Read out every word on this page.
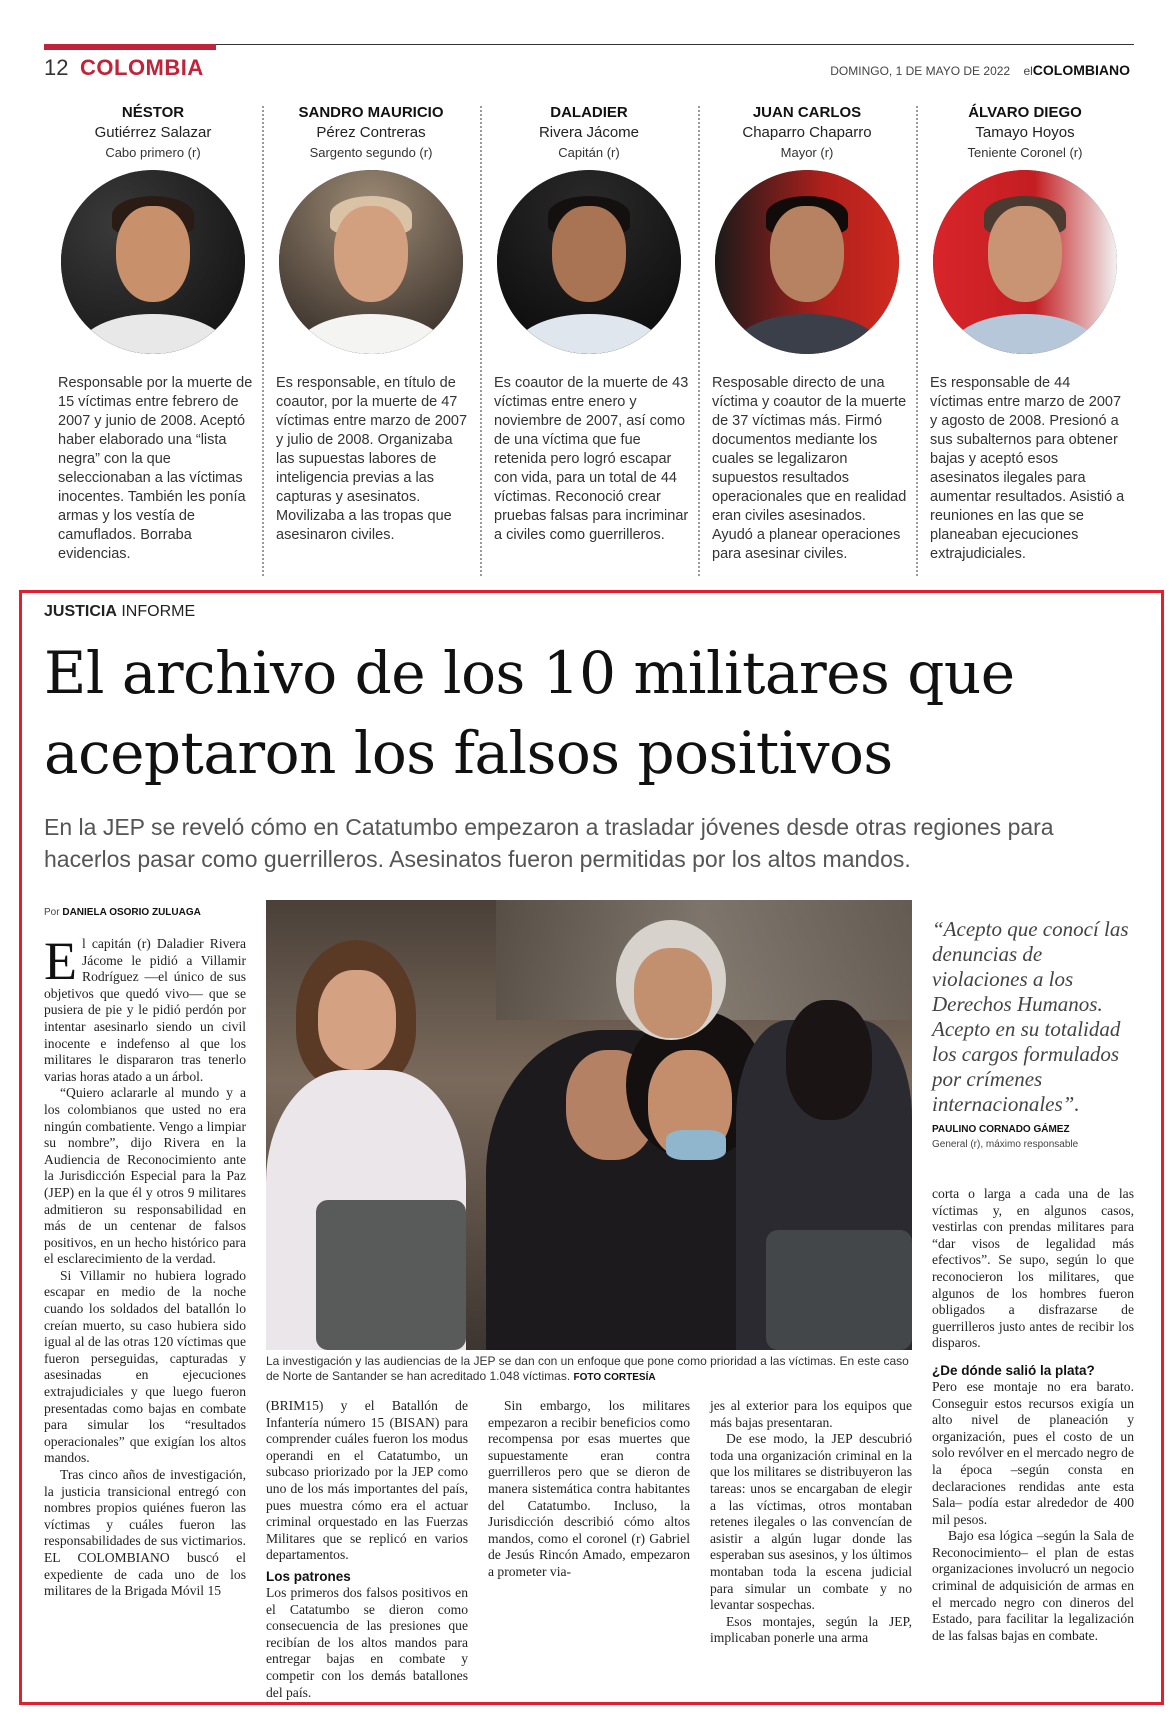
12 COLOMBIA	DOMINGO, 1 DE MAYO DE 2022 elCOLOMBIANO
NÉSTOR
Gutiérrez Salazar
Cabo primero (r)
Responsable por la muerte de 15 víctimas entre febrero de 2007 y junio de 2008. Aceptó haber elaborado una “lista negra” con la que seleccionaban a las víctimas inocentes. También les ponía armas y los vestía de camuflados. Borraba evidencias.
SANDRO MAURICIO
Pérez Contreras
Sargento segundo (r)
Es responsable, en título de coautor, por la muerte de 47 víctimas entre marzo de 2007 y julio de 2008. Organizaba las supuestas labores de inteligencia previas a las capturas y asesinatos. Movilizaba a las tropas que asesinaron civiles.
DALADIER
Rivera Jácome
Capitán (r)
Es coautor de la muerte de 43 víctimas entre enero y noviembre de 2007, así como de una víctima que fue retenida pero logró escapar con vida, para un total de 44 víctimas. Reconoció crear pruebas falsas para incriminar a civiles como guerrilleros.
JUAN CARLOS
Chaparro Chaparro
Mayor (r)
Resposable directo de una víctima y coautor de la muerte de 37 víctimas más. Firmó documentos mediante los cuales se legalizaron supuestos resultados operacionales que en realidad eran civiles asesinados. Ayudó a planear operaciones para asesinar civiles.
ÁLVARO DIEGO
Tamayo Hoyos
Teniente Coronel (r)
Es responsable de 44 víctimas entre marzo de 2007 y agosto de 2008. Presionó a sus subalternos para obtener bajas y aceptó esos asesinatos ilegales para aumentar resultados. Asistió a reuniones en las que se planeaban ejecuciones extrajudiciales.
JUSTICIA INFORME
El archivo de los 10 militares que aceptaron los falsos positivos
En la JEP se reveló cómo en Catatumbo empezaron a trasladar jóvenes desde otras regiones para hacerlos pasar como guerrilleros. Asesinatos fueron permitidas por los altos mandos.
Por DANIELA OSORIO ZULUAGA

El capitán (r) Daladier Rivera Jácome le pidió a Villamir Rodríguez —el único de sus objetivos que quedó vivo— que se pusiera de pie y le pidió perdón por intentar asesinarlo siendo un civil inocente e indefenso al que los militares le dispararon tras tenerlo varias horas atado a un árbol.

“Quiero aclararle al mundo y a los colombianos que usted no era ningún combatiente. Vengo a limpiar su nombre”, dijo Rivera en la Audiencia de Reconocimiento ante la Jurisdicción Especial para la Paz (JEP) en la que él y otros 9 militares admitieron su responsabilidad en más de un centenar de falsos positivos, en un hecho histórico para el esclarecimiento de la verdad.

Si Villamir no hubiera logrado escapar en medio de la noche cuando los soldados del batallón lo creían muerto, su caso hubiera sido igual al de las otras 120 víctimas que fueron perseguidas, capturadas y asesinadas en ejecuciones extrajudiciales y que luego fueron presentadas como bajas en combate para simular los “resultados operacionales” que exigían los altos mandos.

Tras cinco años de investigación, la justicia transicional entregó con nombres propios quiénes fueron las víctimas y cuáles fueron las responsabilidades de sus victimarios. EL COLOMBIANO buscó el expediente de cada uno de los militares de la Brigada Móvil 15

La investigación y las audiencias de la JEP se dan con un enfoque que pone como prioridad a las víctimas. En este caso de Norte de Santander se han acreditado 1.048 víctimas. FOTO CORTESÍA

(BRIM15) y el Batallón de Infantería número 15 (BISAN) para comprender cuáles fueron los modus operandi en el Catatumbo, un subcaso priorizado por la JEP como uno de los más importantes del país, pues muestra cómo era el actuar criminal orquestado en las Fuerzas Militares que se replicó en varios departamentos.

Los patrones

Los primeros dos falsos positivos en el Catatumbo se dieron como consecuencia de las presiones que recibían de los altos mandos para entregar bajas en combate y competir con los demás batallones del país.

Sin embargo, los militares empezaron a recibir beneficios como recompensa por esas muertes que supuestamente eran contra guerrilleros pero que se dieron de manera sistemática contra habitantes del Catatumbo. Incluso, la Jurisdicción describió cómo altos mandos, como el coronel (r) Gabriel de Jesús Rincón Amado, empezaron a prometer via-

jes al exterior para los equipos que más bajas presentaran.

De ese modo, la JEP descubrió toda una organización criminal en la que los militares se distribuyeron las tareas: unos se encargaban de elegir a las víctimas, otros montaban retenes ilegales o las convencían de asistir a algún lugar donde las esperaban sus asesinos, y los últimos montaban toda la escena judicial para simular un combate y no levantar sospechas.

Esos montajes, según la JEP, implicaban ponerle una arma

“Acepto que conocí las denuncias de violaciones a los Derechos Humanos. Acepto en su totalidad los cargos formulados por crímenes internacionales”.
PAULINO CORNADO GÁMEZ
General (r), máximo responsable

corta o larga a cada una de las víctimas y, en algunos casos, vestirlas con prendas militares para “dar visos de legalidad más efectivos”. Se supo, según lo que reconocieron los militares, que algunos de los hombres fueron obligados a disfrazarse de guerrilleros justo antes de recibir los disparos.

¿De dónde salió la plata?

Pero ese montaje no era barato. Conseguir estos recursos exigía un alto nivel de planeación y organización, pues el costo de un solo revólver en el mercado negro de la época –según consta en declaraciones rendidas ante esta Sala– podía estar alrededor de 400 mil pesos.

Bajo esa lógica –según la Sala de Reconocimiento– el plan de estas organizaciones involucró un negocio criminal de adquisición de armas en el mercado negro con dineros del Estado, para facilitar la legalización de las falsas bajas en combate.
